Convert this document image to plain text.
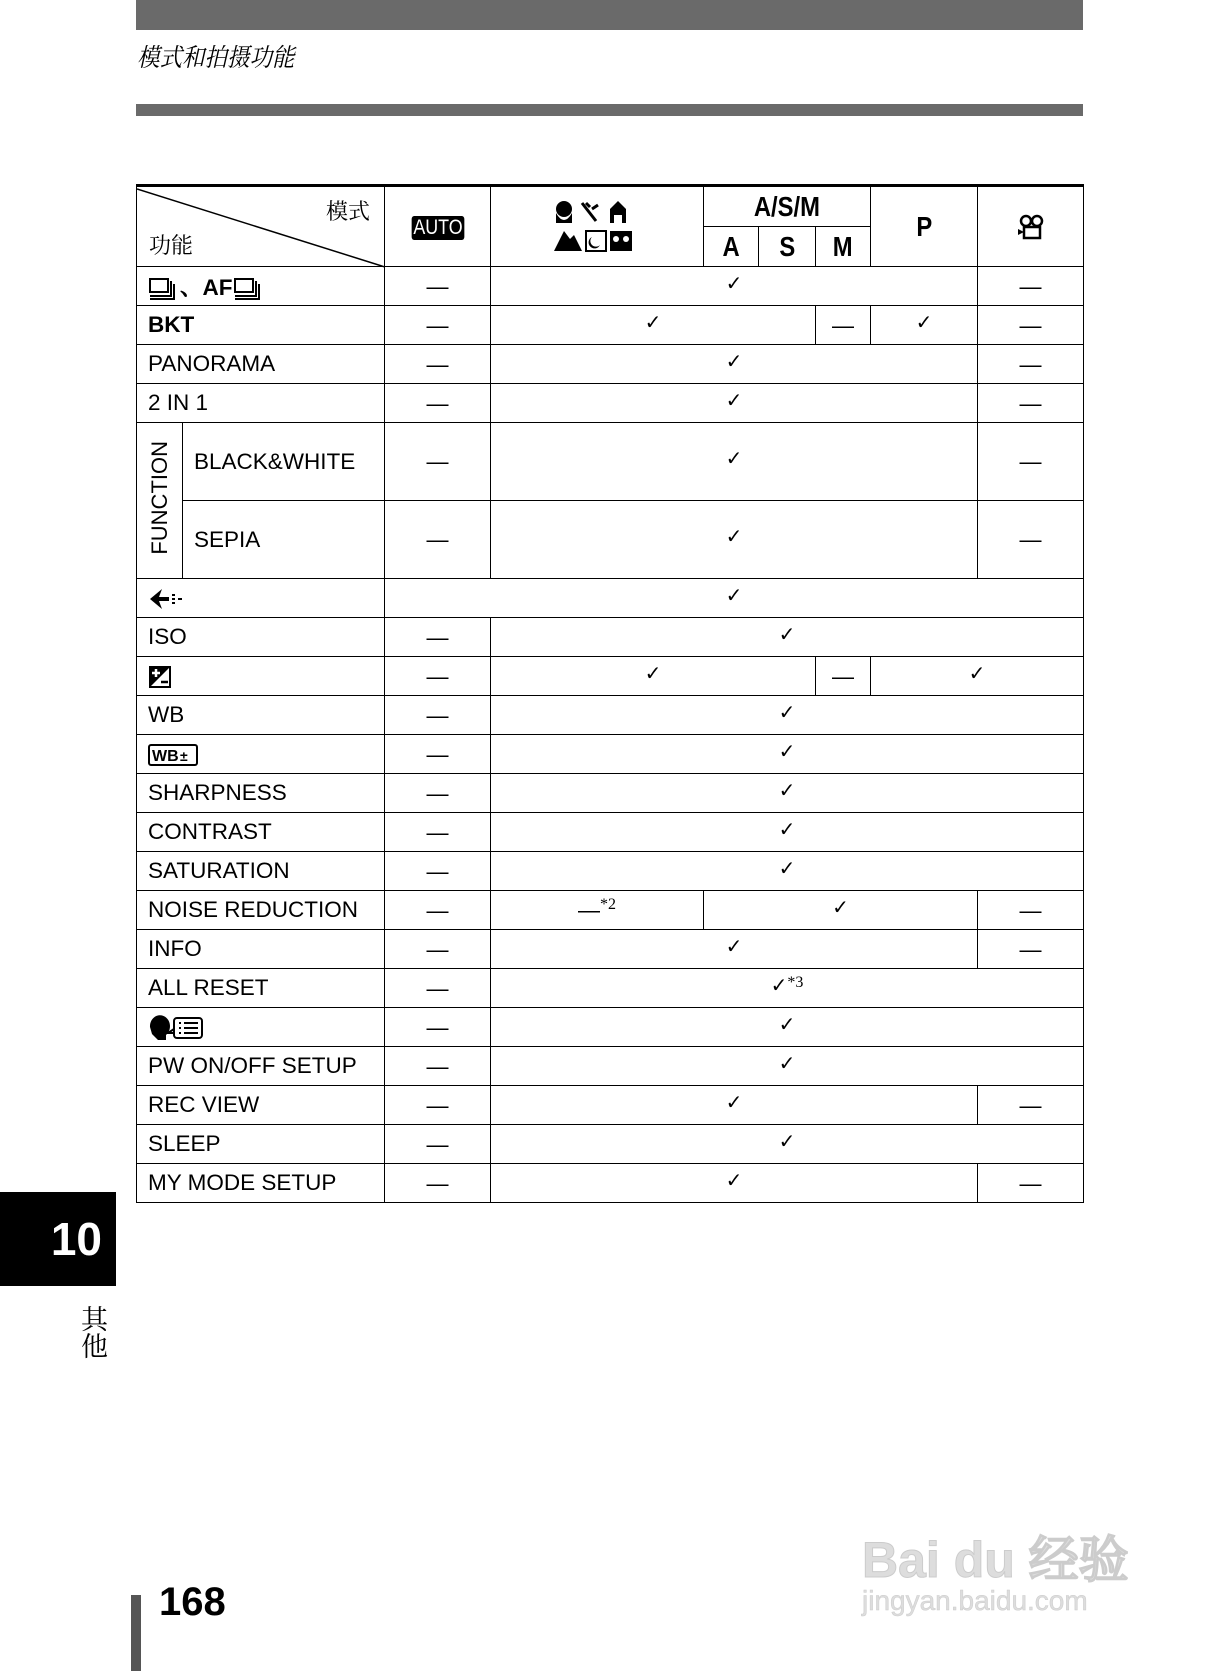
模式和拍摄功能
模式
功能		AUTO		A/S/M			P	
				A	S	M		
、AF		—	✓					—
BKT		—	✓			—	✓	—
PANORAMA		—	✓					—
2 IN 1		—	✓					—
FUNCTION	BLACK&WHITE	—	✓					—
	SEPIA	—	✓					—
	✓						
ISO		—	✓					
	—	✓			—	✓	
WB		—	✓					

WB ±		—	✓					
SHARPNESS		—	✓					
CONTRAST		—	✓					
SATURATION		—	✓					
NOISE REDUCTION		—	—$^{*2}$	✓				—
INFO		—	✓					—
ALL RESET		—	✓$^{*3}$
	—	✓					
PW ON/OFF SETUP		—	✓					
REC VIEW		—	✓					—
SLEEP		—	✓					
MY MODE SETUP		—	✓					—
10
其他
168
Bai du 经验
jingyan.baidu.com
